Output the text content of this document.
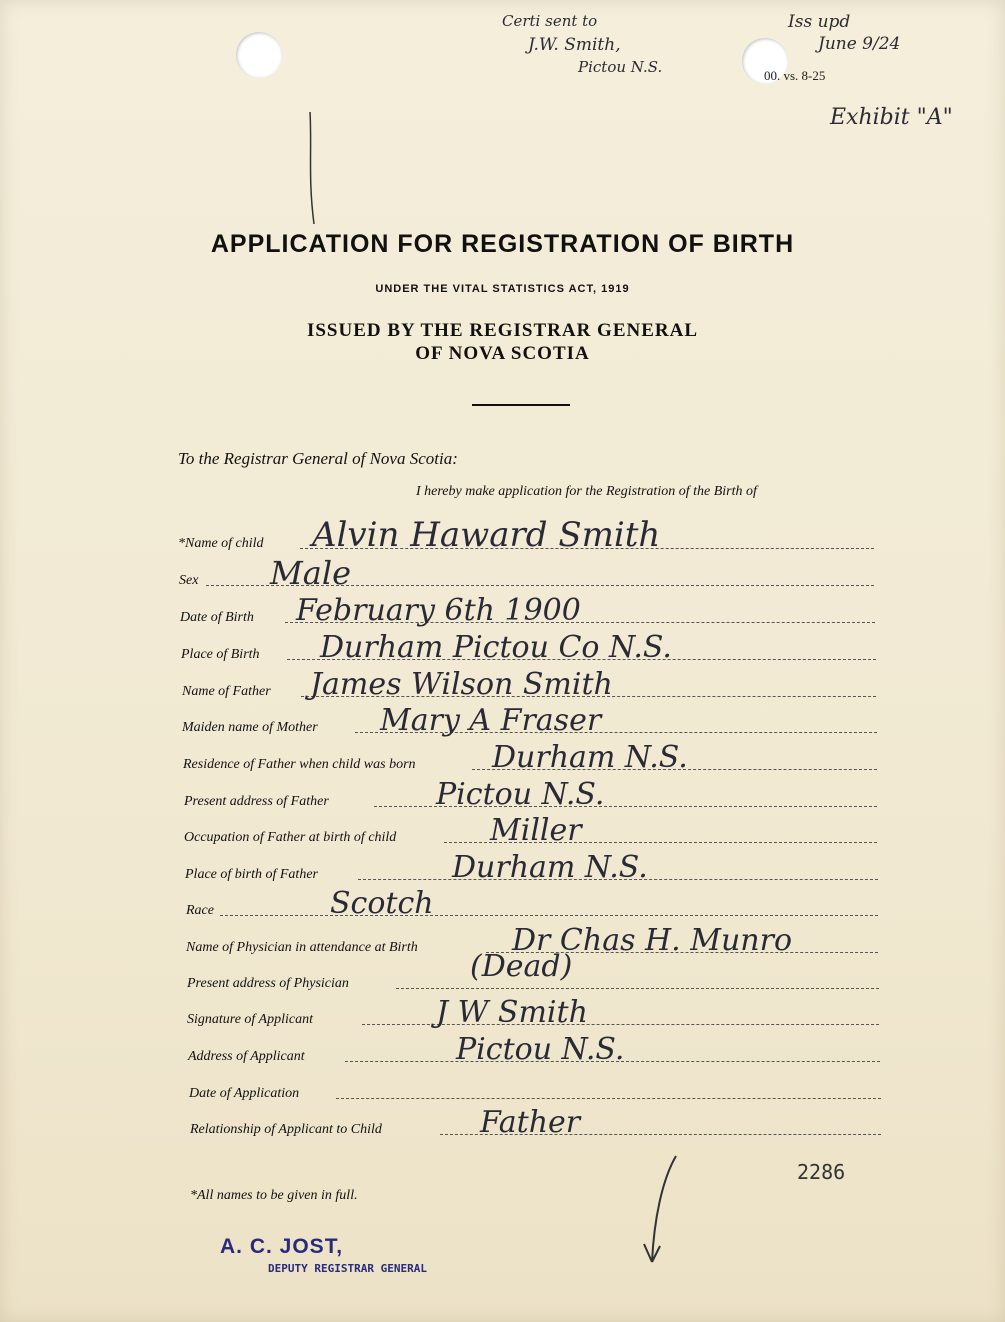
Certi sent to
J.W. Smith,
Pictou N.S.
Iss upd
June 9/24
00. vs. 8-25
Exhibit "A"
APPLICATION FOR REGISTRATION OF BIRTH
UNDER THE VITAL STATISTICS ACT, 1919
ISSUED BY THE REGISTRAR GENERAL
OF NOVA SCOTIA
To the Registrar General of Nova Scotia:
I hereby make application for the Registration of the Birth of
*Name of child Alvin Haward Smith
Sex Male
Date of Birth February 6th 1900
Place of Birth Durham Pictou Co N.S.
Name of Father James Wilson Smith
Maiden name of Mother Mary A Fraser
Residence of Father when child was born	Durham N.S.
Present address of Father	Pictou N.S.
Occupation of Father at birth of child	Miller
Place of birth of Father	Durham N.S.
Race	Scotch
Name of Physician in attendance at Birth	Dr Chas H. Munro
Present address of Physician	(Dead)
Signature of Applicant	J W Smith
Address of Applicant	Pictou N.S.
Date of Application
Relationship of Applicant to Child	Father
2286
*All names to be given in full.
A. C. JOST,
DEPUTY REGISTRAR GENERAL
